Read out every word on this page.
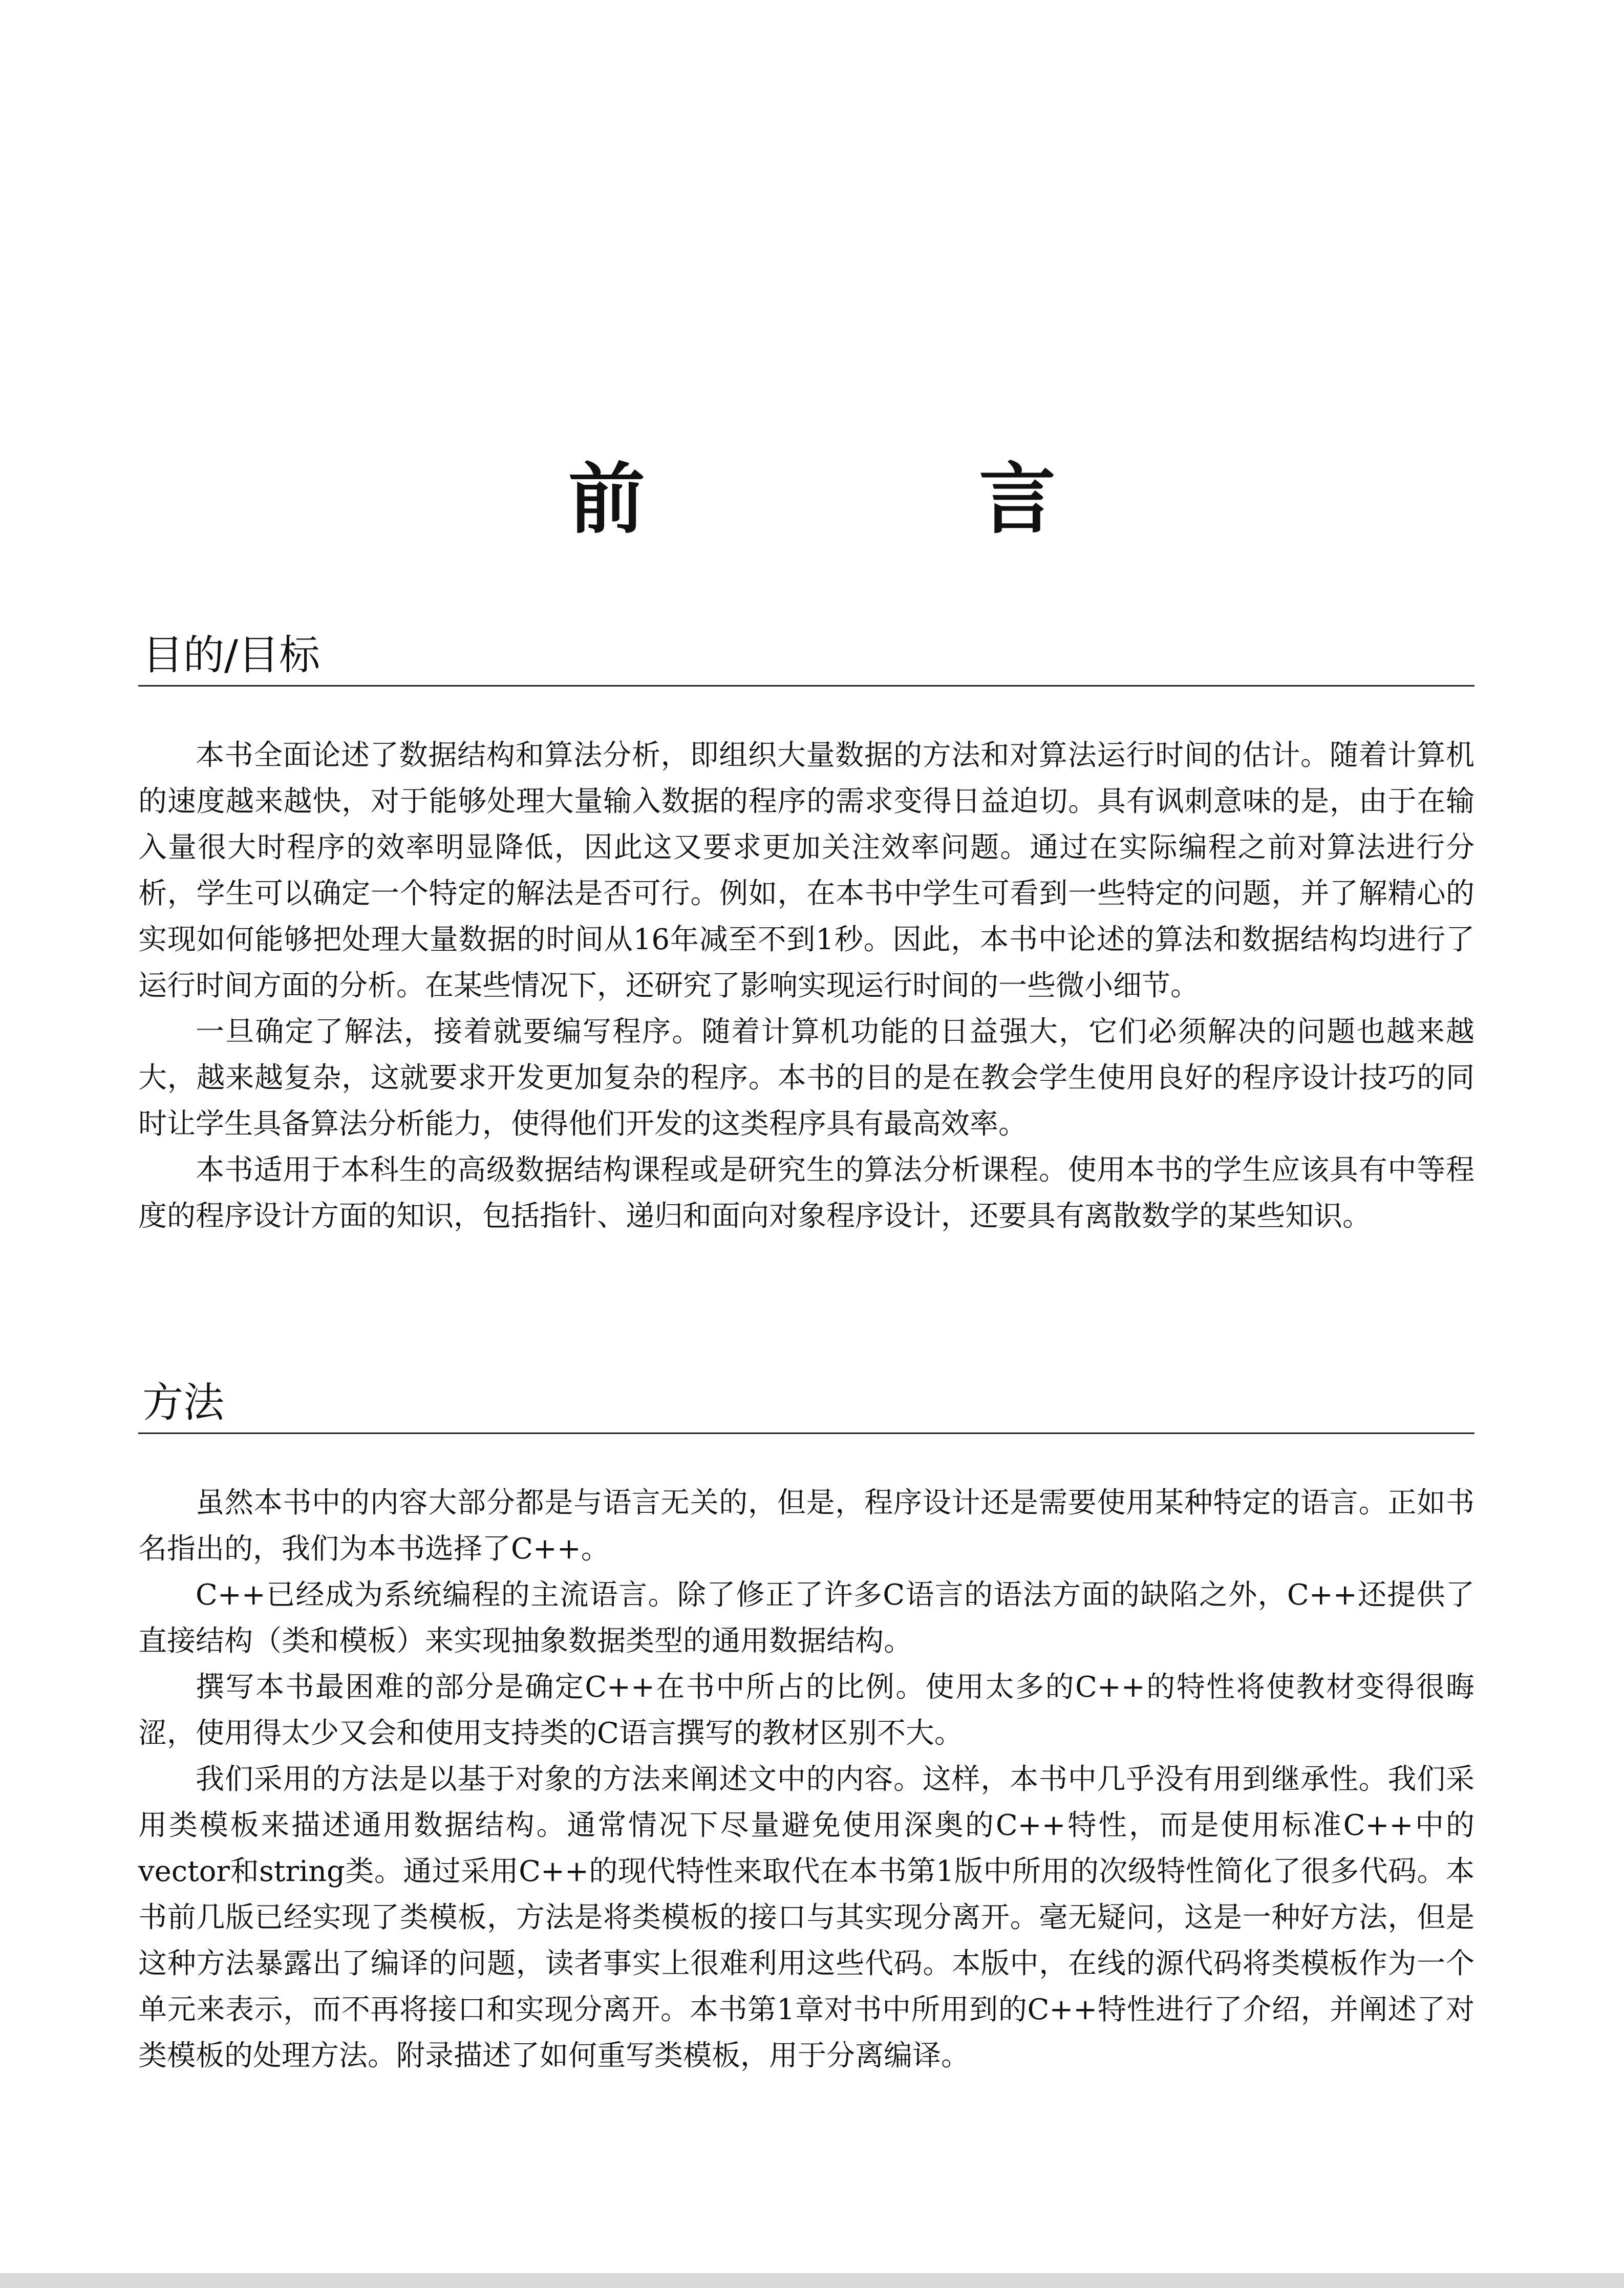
前 言
目的/目标

本书全面论述了数据结构和算法分析，即组织大量数据的方法和对算法运行时间的估计。随着计算机的速度越来越快，对于能够处理大量输入数据的程序的需求变得日益迫切。具有讽刺意味的是，由于在输入量很大时程序的效率明显降低，因此这又要求更加关注效率问题。通过在实际编程之前对算法进行分析，学生可以确定一个特定的解法是否可行。例如，在本书中学生可看到一些特定的问题，并了解精心的实现如何能够把处理大量数据的时间从16年减至不到1秒。因此，本书中论述的算法和数据结构均进行了运行时间方面的分析。在某些情况下，还研究了影响实现运行时间的一些微小细节。

一旦确定了解法，接着就要编写程序。随着计算机功能的日益强大，它们必须解决的问题也越来越大，越来越复杂，这就要求开发更加复杂的程序。本书的目的是在教会学生使用良好的程序设计技巧的同时让学生具备算法分析能力，使得他们开发的这类程序具有最高效率。

本书适用于本科生的高级数据结构课程或是研究生的算法分析课程。使用本书的学生应该具有中等程度的程序设计方面的知识，包括指针、递归和面向对象程序设计，还要具有离散数学的某些知识。

方法

虽然本书中的内容大部分都是与语言无关的，但是，程序设计还是需要使用某种特定的语言。正如书名指出的，我们为本书选择了C++。

C++已经成为系统编程的主流语言。除了修正了许多C语言的语法方面的缺陷之外，C++还提供了直接结构（类和模板）来实现抽象数据类型的通用数据结构。

撰写本书最困难的部分是确定C++在书中所占的比例。使用太多的C++的特性将使教材变得很晦涩，使用得太少又会和使用支持类的C语言撰写的教材区别不大。

我们采用的方法是以基于对象的方法来阐述文中的内容。这样，本书中几乎没有用到继承性。我们采用类模板来描述通用数据结构。通常情况下尽量避免使用深奥的C++特性，而是使用标准C++中的vector和string类。通过采用C++的现代特性来取代在本书第1版中所用的次级特性简化了很多代码。本书前几版已经实现了类模板，方法是将类模板的接口与其实现分离开。毫无疑问，这是一种好方法，但是这种方法暴露出了编译的问题，读者事实上很难利用这些代码。本版中，在线的源代码将类模板作为一个单元来表示，而不再将接口和实现分离开。本书第1章对书中所用到的C++特性进行了介绍，并阐述了对类模板的处理方法。附录描述了如何重写类模板，用于分离编译。
